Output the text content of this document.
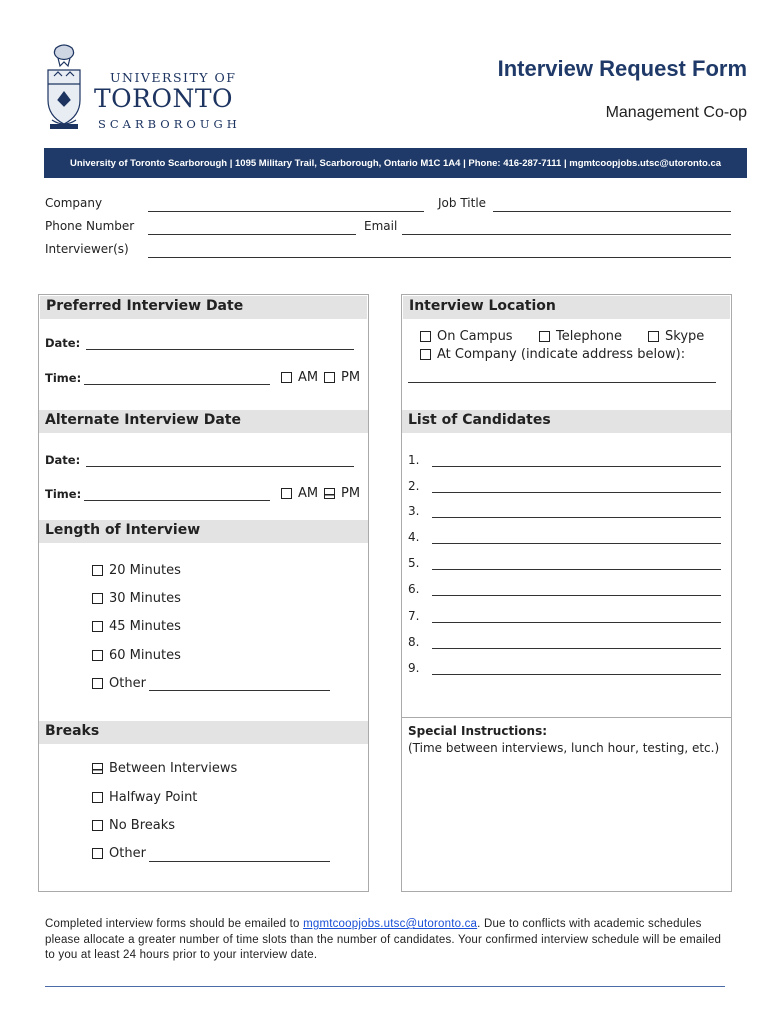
UNIVERSITY OF
TORONTO
SCARBOROUGH
Interview Request Form
Management Co-op
University of Toronto Scarborough | 1095 Military Trail, Scarborough, Ontario M1C 1A4 | Phone: 416-287-7111 | mgmtcoopjobs.utsc@utoronto.ca
Company	Job Title
Phone Number	Email
Interviewer(s)
Preferred Interview Date
Date:
Time:	AM PM
Alternate Interview Date
Date:
Time:	AM PM
Length of Interview
20 Minutes
30 Minutes
45 Minutes
60 Minutes
Other
Breaks
Between Interviews
Halfway Point
No Breaks
Other
Interview Location
On Campus	Telephone	Skype
At Company (indicate address below):
List of Candidates
1.
2.
3.
4.
5.
6.
7.
8.
9.
Special Instructions:
(Time between interviews, lunch hour, testing, etc.)
Completed interview forms should be emailed to mgmtcoopjobs.utsc@utoronto.ca. Due to conflicts with academic schedules please allocate a greater number of time slots than the number of candidates. Your confirmed interview schedule will be emailed to you at least 24 hours prior to your interview date.
